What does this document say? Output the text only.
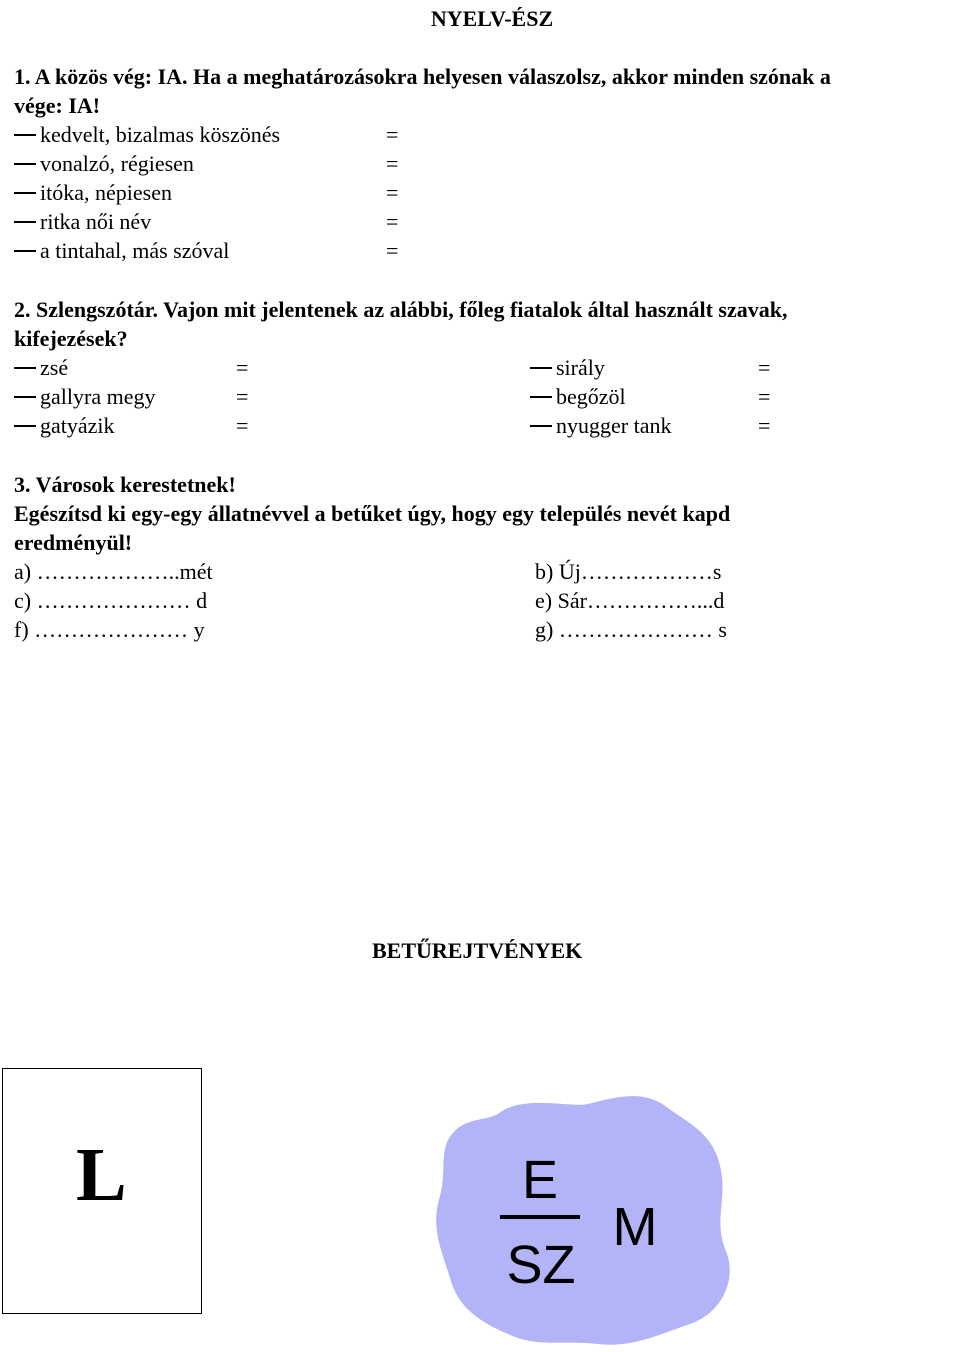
NYELV-ÉSZ
1. A közös vég: IA. Ha a meghatározásokra helyesen válaszolsz, akkor minden szónak a
vége: IA!
kedvelt, bizalmas köszönés	=
vonalzó, régiesen	=
itóka, népiesen	=
ritka női név	=
a tintahal, más szóval	=
2. Szlengszótár. Vajon mit jelentenek az alábbi, főleg fiatalok által használt szavak,
kifejezések?
zsé	=	sirály	=
gallyra megy	=	begőzöl	=
gatyázik	=	nyugger tank	=
3. Városok kerestetnek!
Egészítsd ki egy-egy állatnévvel a betűket úgy, hogy egy település nevét kapd
eredményül!
a) ………………..mét	b) Új………………s
c) ………………… d	e) Sár……………...d
f) ………………… y	g) ………………… s
BETŰREJTVÉNYEK
L	E
SZ
M
